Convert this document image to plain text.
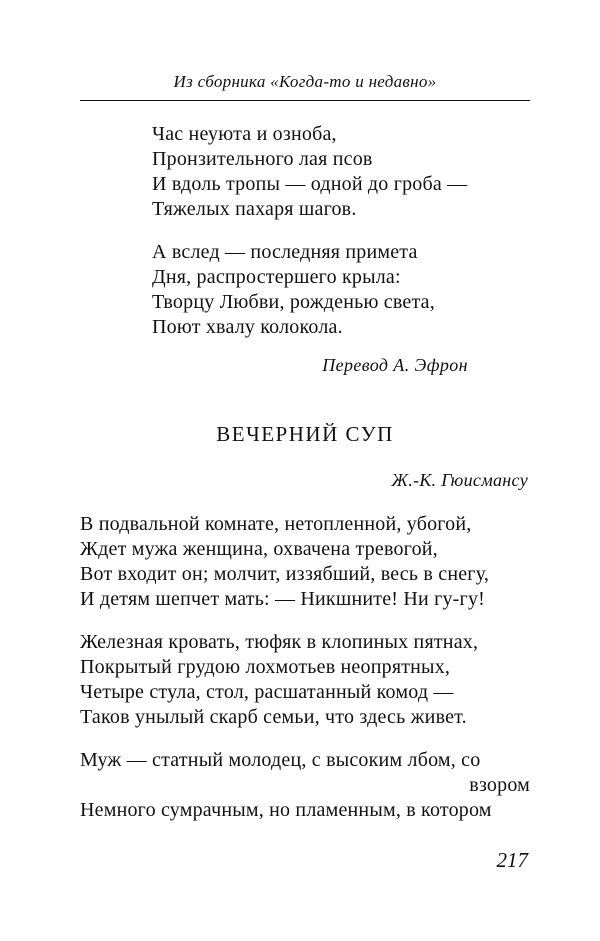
Из сборника «Когда-то и недавно»
Час неуюта и озноба,
Пронзительного лая псов
И вдоль тропы — одной до гроба —
Тяжелых пахаря шагов.
А вслед — последняя примета
Дня, распростершего крыла:
Творцу Любви, рожденью света,
Поют хвалу колокола.
Перевод А. Эфрон
ВЕЧЕРНИЙ СУП
Ж.-К. Гюисмансу
В подвальной комнате, нетопленной, убогой,
Ждет мужа женщина, охвачена тревогой,
Вот входит он; молчит, иззябший, весь в снегу,
И детям шепчет мать: — Никшните! Ни гу-гу!
Железная кровать, тюфяк в клопиных пятнах,
Покрытый грудою лохмотьев неопрятных,
Четыре стула, стол, расшатанный комод —
Таков унылый скарб семьи, что здесь живет.
Муж — статный молодец, с высоким лбом, со
взором
Немного сумрачным, но пламенным, в котором
217
